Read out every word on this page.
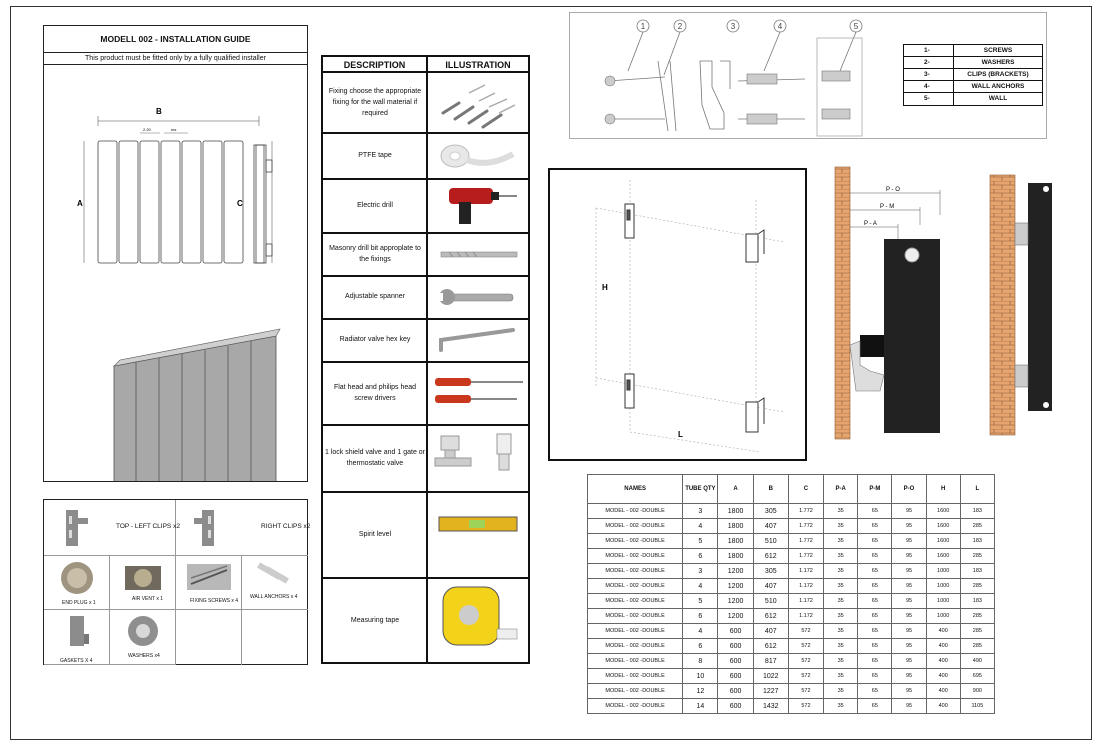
MODELL 002 - INSTALLATION GUIDE
This product must be fitted only by a fully qualified installer
B
A	C
2.20	ms
TOP - LEFT CLIPS x2	RIGHT CLIPS x2
END PLUG x 1
AIR VENT x 1	FIXING SCREWS x 4
WALL ANCHORS x 4
GASKETS X 4
WASHERS x4
DESCRIPTION	ILLUSTRATION
Fixing choose the appropriate fixing for the wall material if required
PTFE tape
Electric drill
Masonry drill bit approplate to the fixings
Adjustable spanner
Radiator valve hex key
Flat head and philips head screw drivers
1 lock shield valve and 1 gate or thermostatic valve
Spirit level
Measuring tape
1	2	3	4	5
1-	SCREWS
2-	WASHERS
3-	CLIPS (BRACKETS)
4-	WALL ANCHORS
5-	WALL
H
L
P - O
P - M
P - A
NAMES	TUBE QTY	A	B	C	P-A	P-M	P-O	H	L
MODEL - 002 -DOUBLE	3	1800	305	1.772	35	65	95	1600	183
MODEL - 002 -DOUBLE	4	1800	407	1.772	35	65	95	1600	285
MODEL - 002 -DOUBLE	5	1800	510	1.772	35	65	95	1600	183
MODEL - 002 -DOUBLE	6	1800	612	1.772	35	65	95	1600	285
MODEL - 002 -DOUBLE	3	1200	305	1.172	35	65	95	1000	183
MODEL - 002 -DOUBLE	4	1200	407	1.172	35	65	95	1000	285
MODEL - 002 -DOUBLE	5	1200	510	1.172	35	65	95	1000	183
MODEL - 002 -DOUBLE	6	1200	612	1.172	35	65	95	1000	285
MODEL - 002 -DOUBLE	4	600	407	572	35	65	95	400	285
MODEL - 002 -DOUBLE	6	600	612	572	35	65	95	400	285
MODEL - 002 -DOUBLE	8	600	817	572	35	65	95	400	490
MODEL - 002 -DOUBLE	10	600	1022	572	35	65	95	400	695
MODEL - 002 -DOUBLE	12	600	1227	572	35	65	95	400	900
MODEL - 002 -DOUBLE	14	600	1432	572	35	65	95	400	1105
